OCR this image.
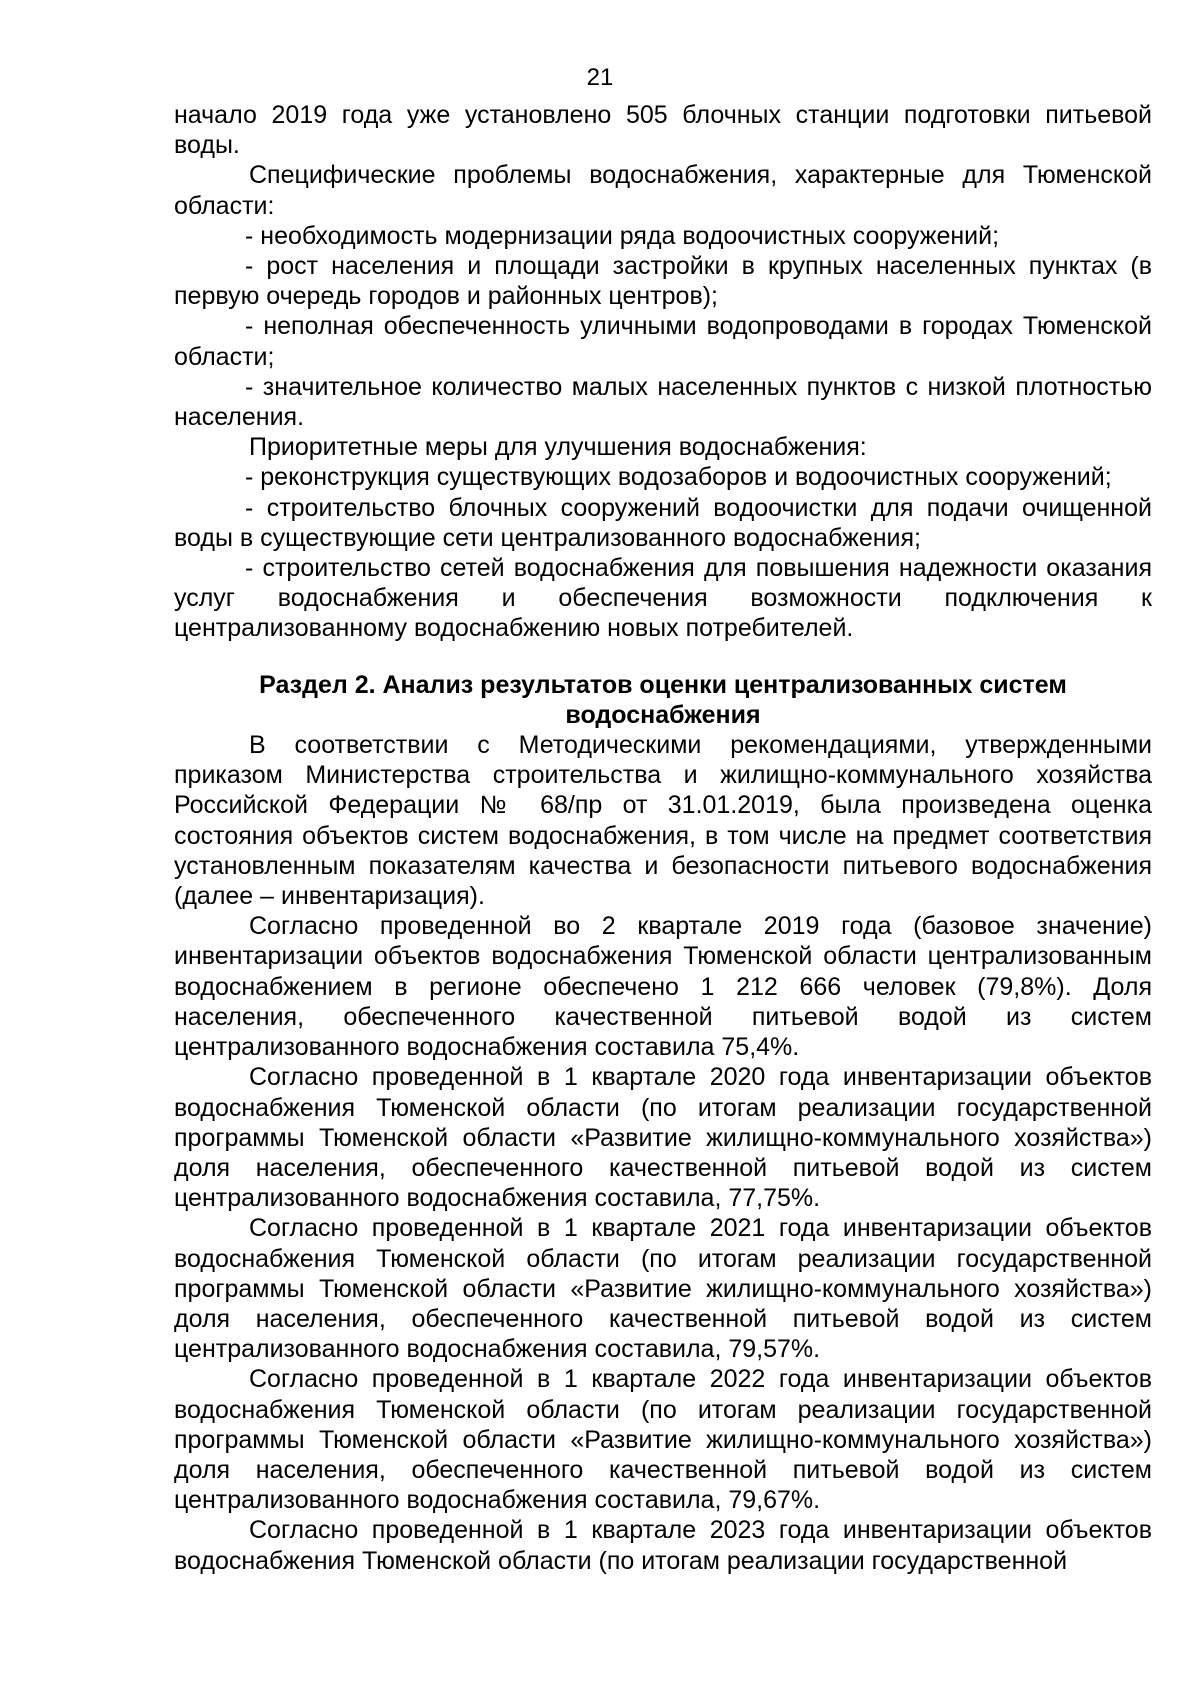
21

начало 2019 года уже установлено 505 блочных станции подготовки питьевой воды.

Специфические проблемы водоснабжения, характерные для Тюменской области:

- необходимость модернизации ряда водоочистных сооружений;

- рост населения и площади застройки в крупных населенных пунктах (в первую очередь городов и районных центров);

- неполная обеспеченность уличными водопроводами в городах Тюменской области;

- значительное количество малых населенных пунктов с низкой плотностью населения.

Приоритетные меры для улучшения водоснабжения:

- реконструкция существующих водозаборов и водоочистных сооружений;

- строительство блочных сооружений водоочистки для подачи очищенной воды в существующие сети централизованного водоснабжения;

- строительство сетей водоснабжения для повышения надежности оказания услуг водоснабжения и обеспечения возможности подключения к централизованному водоснабжению новых потребителей.

Раздел 2. Анализ результатов оценки централизованных систем
водоснабжения

В соответствии с Методическими рекомендациями, утвержденными приказом Министерства строительства и жилищно-коммунального хозяйства Российской Федерации № 68/пр от 31.01.2019, была произведена оценка состояния объектов систем водоснабжения, в том числе на предмет соответствия установленным показателям качества и безопасности питьевого водоснабжения (далее – инвентаризация).

Согласно проведенной во 2 квартале 2019 года (базовое значение) инвентаризации объектов водоснабжения Тюменской области централизованным водоснабжением в регионе обеспечено 1 212 666 человек (79,8%). Доля населения, обеспеченного качественной питьевой водой из систем централизованного водоснабжения составила 75,4%.

Согласно проведенной в 1 квартале 2020 года инвентаризации объектов водоснабжения Тюменской области (по итогам реализации государственной программы Тюменской области «Развитие жилищно-коммунального хозяйства») доля населения, обеспеченного качественной питьевой водой из систем централизованного водоснабжения составила, 77,75%.

Согласно проведенной в 1 квартале 2021 года инвентаризации объектов водоснабжения Тюменской области (по итогам реализации государственной программы Тюменской области «Развитие жилищно-коммунального хозяйства») доля населения, обеспеченного качественной питьевой водой из систем централизованного водоснабжения составила, 79,57%.

Согласно проведенной в 1 квартале 2022 года инвентаризации объектов водоснабжения Тюменской области (по итогам реализации государственной программы Тюменской области «Развитие жилищно-коммунального хозяйства») доля населения, обеспеченного качественной питьевой водой из систем централизованного водоснабжения составила, 79,67%.

Согласно проведенной в 1 квартале 2023 года инвентаризации объектов водоснабжения Тюменской области (по итогам реализации государственной
